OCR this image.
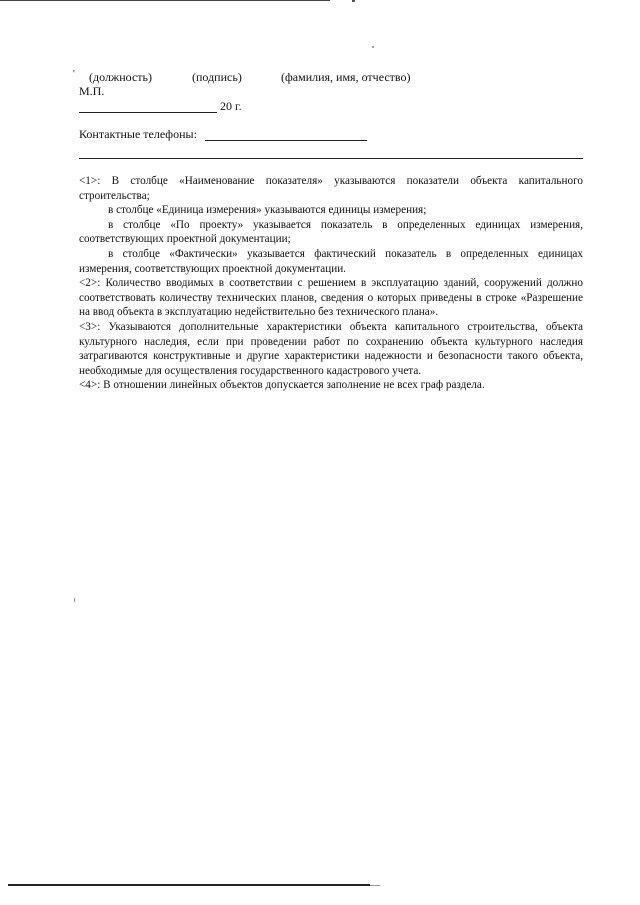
' (должность)	(подпись)	(фамилия, имя, отчество)
М.П.
20 г.
Контактные телефоны:

<1>: В столбце «Наименование показателя» указываются показатели объекта капитального строительства;

в столбце «Единица измерения» указываются единицы измерения;

в столбце «По проекту» указывается показатель в определенных единицах измерения, соответствующих проектной документации;

в столбце «Фактически» указывается фактический показатель в определенных единицах измерения, соответствующих проектной документации.

<2>: Количество вводимых в соответствии с решением в эксплуатацию зданий, сооружений должно соответствовать количеству технических планов, сведения о которых приведены в строке «Разрешение на ввод объекта в эксплуатацию недействительно без технического плана».

<3>: Указываются дополнительные характеристики объекта капитального строительства, объекта культурного наследия, если при проведении работ по сохранению объекта культурного наследия затрагиваются конструктивные и другие характеристики надежности и безопасности такого объекта, необходимые для осуществления государственного кадастрового учета.

<4>: В отношении линейных объектов допускается заполнение не всех граф раздела.
